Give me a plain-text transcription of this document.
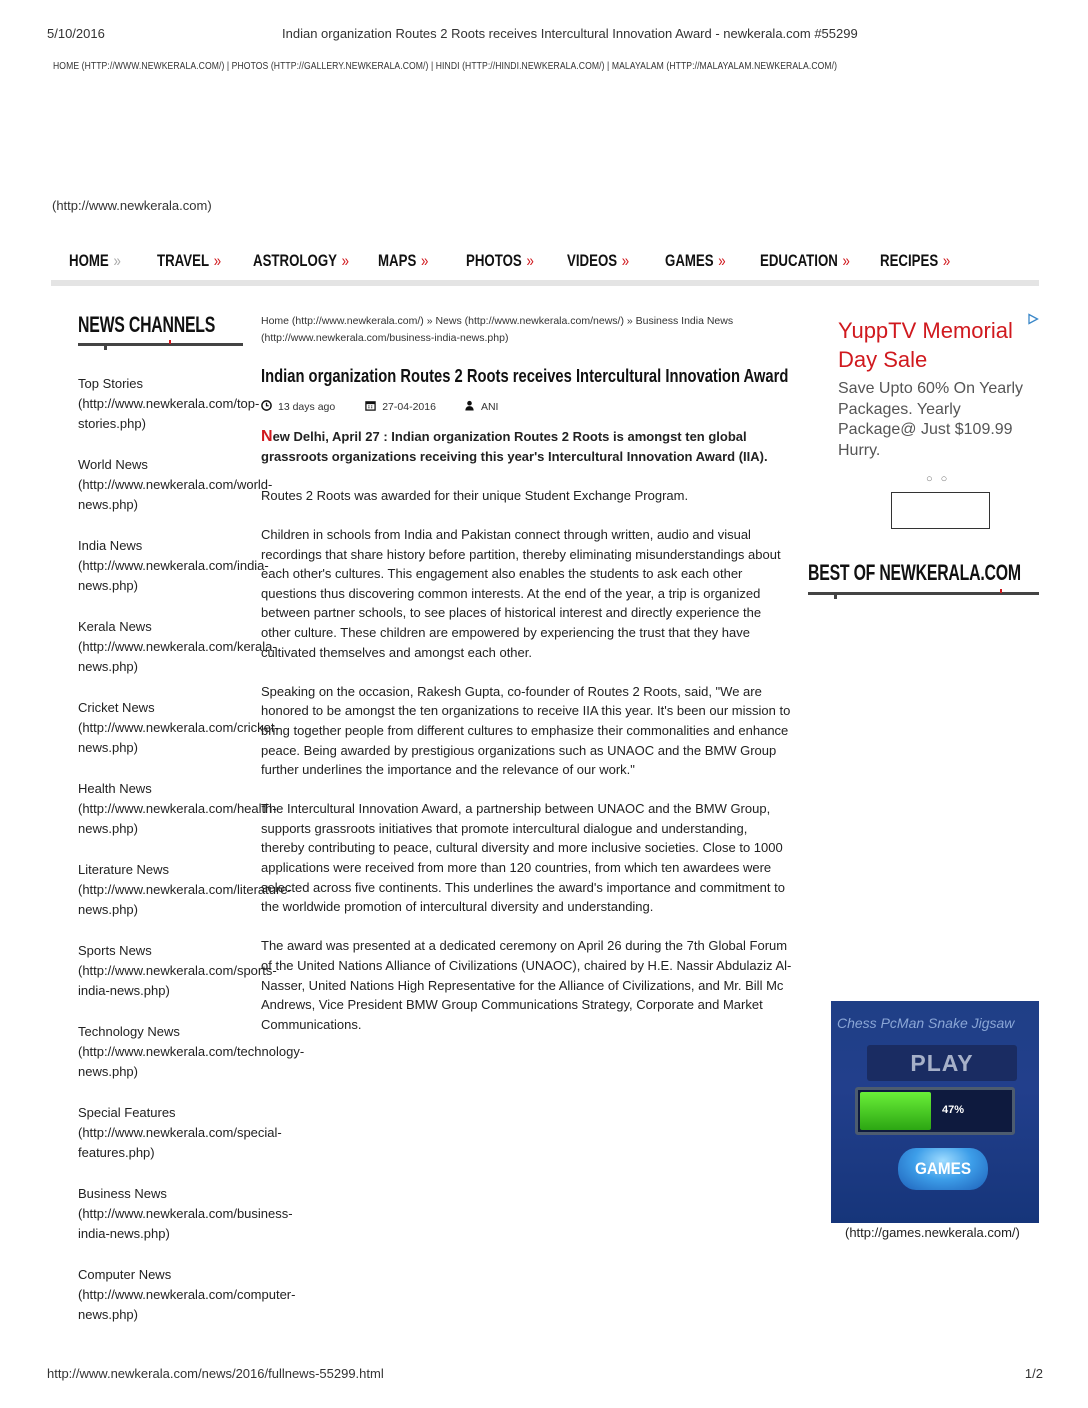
5/10/2016	Indian organization Routes 2 Roots receives Intercultural Innovation Award - newkerala.com #55299
HOME (HTTP://WWW.NEWKERALA.COM/) | PHOTOS (HTTP://GALLERY.NEWKERALA.COM/) | HINDI (HTTP://HINDI.NEWKERALA.COM/) | MALAYALAM (HTTP://MALAYALAM.NEWKERALA.COM/)
(http://www.newkerala.com)
HOME » TRAVEL » ASTROLOGY » MAPS » PHOTOS » VIDEOS » GAMES » EDUCATION » RECIPES »
NEWS CHANNELS
Top Stories
(http://www.newkerala.com/top-
stories.php)
World News
(http://www.newkerala.com/world-
news.php)
India News
(http://www.newkerala.com/india-
news.php)
Kerala News
(http://www.newkerala.com/kerala-
news.php)
Cricket News
(http://www.newkerala.com/cricket-
news.php)
Health News
(http://www.newkerala.com/health-
news.php)
Literature News
(http://www.newkerala.com/literature-
news.php)
Sports News
(http://www.newkerala.com/sports-
india-news.php)
Technology News
(http://www.newkerala.com/technology-
news.php)
Special Features
(http://www.newkerala.com/special-
features.php)
Business News
(http://www.newkerala.com/business-
india-news.php)
Computer News
(http://www.newkerala.com/computer-
news.php)
Home (http://www.newkerala.com/) » News (http://www.newkerala.com/news/) » Business India News
(http://www.newkerala.com/business-india-news.php)
Indian organization Routes 2 Roots receives Intercultural Innovation Award
13 days ago	27-04-2016	ANI

New Delhi, April 27 : Indian organization Routes 2 Roots is amongst ten global grassroots organizations receiving this year's Intercultural Innovation Award (IIA).

Routes 2 Roots was awarded for their unique Student Exchange Program.

Children in schools from India and Pakistan connect through written, audio and visual recordings that share history before partition, thereby eliminating misunderstandings about each other's cultures. This engagement also enables the students to ask each other questions thus discovering common interests. At the end of the year, a trip is organized between partner schools, to see places of historical interest and directly experience the other culture. These children are empowered by experiencing the trust that they have cultivated themselves and amongst each other.

Speaking on the occasion, Rakesh Gupta, co-founder of Routes 2 Roots, said, "We are honored to be amongst the ten organizations to receive IIA this year. It's been our mission to bring together people from different cultures to emphasize their commonalities and enhance peace. Being awarded by prestigious organizations such as UNAOC and the BMW Group further underlines the importance and the relevance of our work."

The Intercultural Innovation Award, a partnership between UNAOC and the BMW Group, supports grassroots initiatives that promote intercultural dialogue and understanding, thereby contributing to peace, cultural diversity and more inclusive societies. Close to 1000 applications were received from more than 120 countries, from which ten awardees were selected across five continents. This underlines the award's importance and commitment to the worldwide promotion of intercultural diversity and understanding.

The award was presented at a dedicated ceremony on April 26 during the 7th Global Forum of the United Nations Alliance of Civilizations (UNAOC), chaired by H.E. Nassir Abdulaziz Al-Nasser, United Nations High Representative for the Alliance of Civilizations, and Mr. Bill Mc Andrews, Vice President BMW Group Communications Strategy, Corporate and Market Communications.

YuppTV Memorial Day Sale
Save Upto 60% On Yearly Packages. Yearly Package@ Just $109.99 Hurry.
○○
BEST OF NEWKERALA.COM
Chess PcMan Snake Jigsaw
PLAY
47%
GAMES
(http://games.newkerala.com/)
http://www.newkerala.com/news/2016/fullnews-55299.html	1/2
